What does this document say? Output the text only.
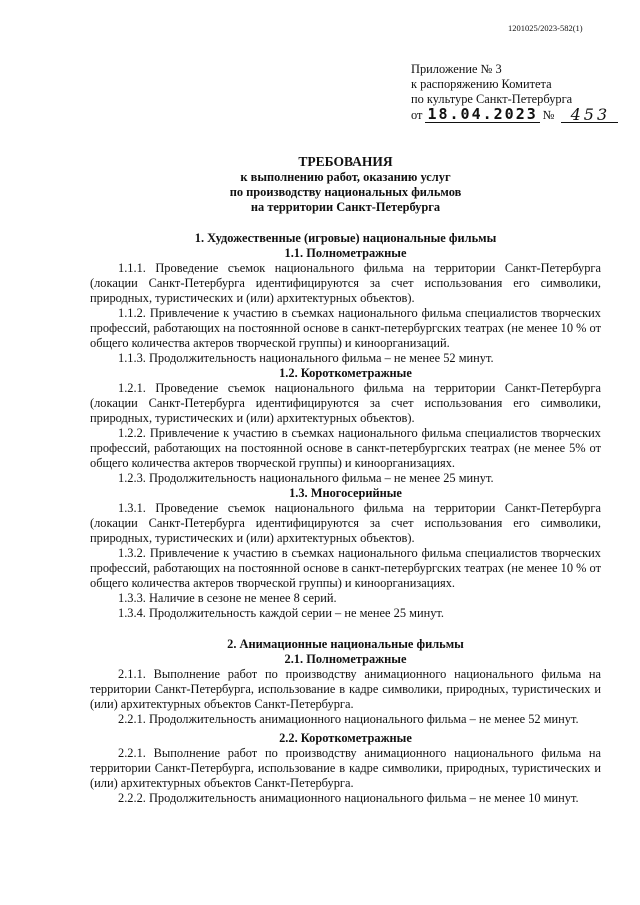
1201025/2023-582(1)
Приложение № 3
к распоряжению Комитета
по культуре Санкт-Петербурга
от 18.04.2023 №	453
ТРЕБОВАНИЯ
к выполнению работ, оказанию услуг
по производству национальных фильмов
на территории Санкт-Петербурга
1. Художественные (игровые) национальные фильмы
1.1. Полнометражные
1.1.1. Проведение съемок национального фильма на территории Санкт-Петербурга (локации Санкт-Петербурга идентифицируются за счет использования его символики, природных, туристических и (или) архитектурных объектов).
1.1.2. Привлечение к участию в съемках национального фильма специалистов творческих профессий, работающих на постоянной основе в санкт-петербургских театрах (не менее 10 % от общего количества актеров творческой группы) и киноорганизаций.
1.1.3. Продолжительность национального фильма – не менее 52 минут.
1.2. Короткометражные
1.2.1. Проведение съемок национального фильма на территории Санкт-Петербурга (локации Санкт-Петербурга идентифицируются за счет использования его символики, природных, туристических и (или) архитектурных объектов).
1.2.2. Привлечение к участию в съемках национального фильма специалистов творческих профессий, работающих на постоянной основе в санкт-петербургских театрах (не менее 5% от общего количества актеров творческой группы) и киноорганизациях.
1.2.3. Продолжительность национального фильма – не менее 25 минут.
1.3. Многосерийные
1.3.1. Проведение съемок национального фильма на территории Санкт-Петербурга (локации Санкт-Петербурга идентифицируются за счет использования его символики, природных, туристических и (или) архитектурных объектов).
1.3.2. Привлечение к участию в съемках национального фильма специалистов творческих профессий, работающих на постоянной основе в санкт-петербургских театрах (не менее 10 % от общего количества актеров творческой группы) и киноорганизациях.
1.3.3. Наличие в сезоне не менее 8 серий.
1.3.4. Продолжительность каждой серии – не менее 25 минут.
2. Анимационные национальные фильмы
2.1. Полнометражные
2.1.1. Выполнение работ по производству анимационного национального фильма на территории Санкт-Петербурга, использование в кадре символики, природных, туристических и (или) архитектурных объектов Санкт-Петербурга.
2.2.1. Продолжительность анимационного национального фильма – не менее 52 минут.
2.2. Короткометражные
2.2.1. Выполнение работ по производству анимационного национального фильма на территории Санкт-Петербурга, использование в кадре символики, природных, туристических и (или) архитектурных объектов Санкт-Петербурга.
2.2.2. Продолжительность анимационного национального фильма – не менее 10 минут.
